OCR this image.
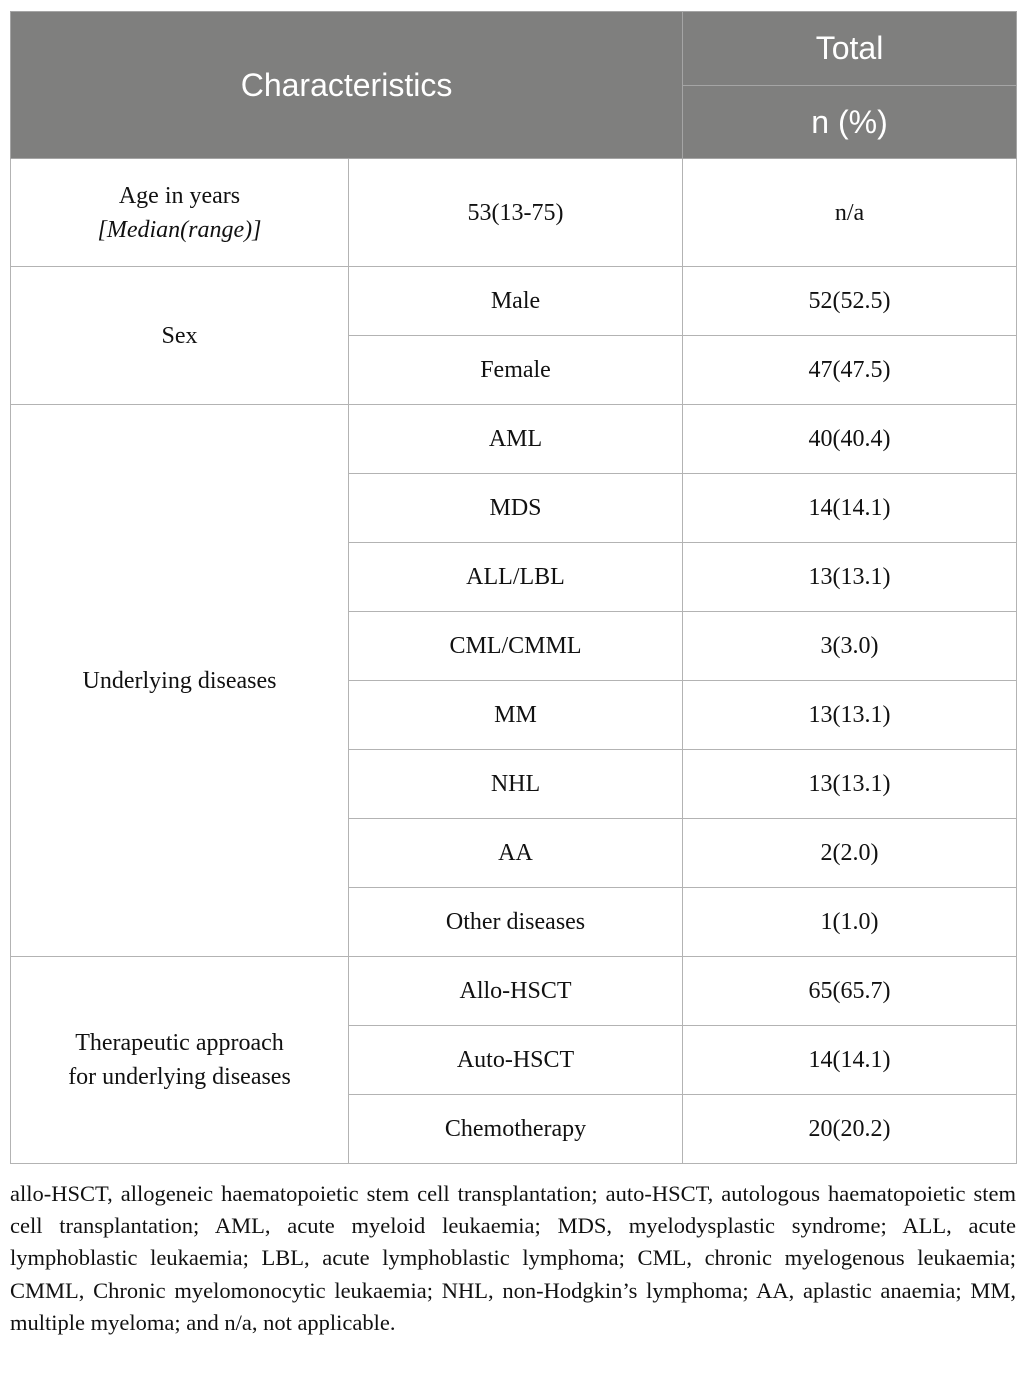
Characteristics		Total
		n (%)

Age in years
[Median(range)]	53(13-75)	n/a
Sex	Male	52(52.5)
	Female	47(47.5)
Underlying diseases	AML	40(40.4)
	MDS	14(14.1)
	ALL/LBL	13(13.1)
	CML/CMML	3(3.0)
	MM	13(13.1)
	NHL	13(13.1)
	AA	2(2.0)
	Other diseases	1(1.0)

Therapeutic approach
for underlying diseases	Allo-HSCT	65(65.7)
	Auto-HSCT	14(14.1)
	Chemotherapy	20(20.2)

allo-HSCT, allogeneic haematopoietic stem cell transplantation; auto-HSCT, autologous haematopoietic stem cell transplantation; AML, acute myeloid leukaemia; MDS, myelodysplastic syndrome; ALL, acute lymphoblastic leukaemia; LBL, acute lymphoblastic lymphoma; CML, chronic myelogenous leukaemia; CMML, Chronic myelomonocytic leukaemia; NHL, non-Hodgkin’s lymphoma; AA, aplastic anaemia; MM, multiple myeloma; and n/a, not applicable.
